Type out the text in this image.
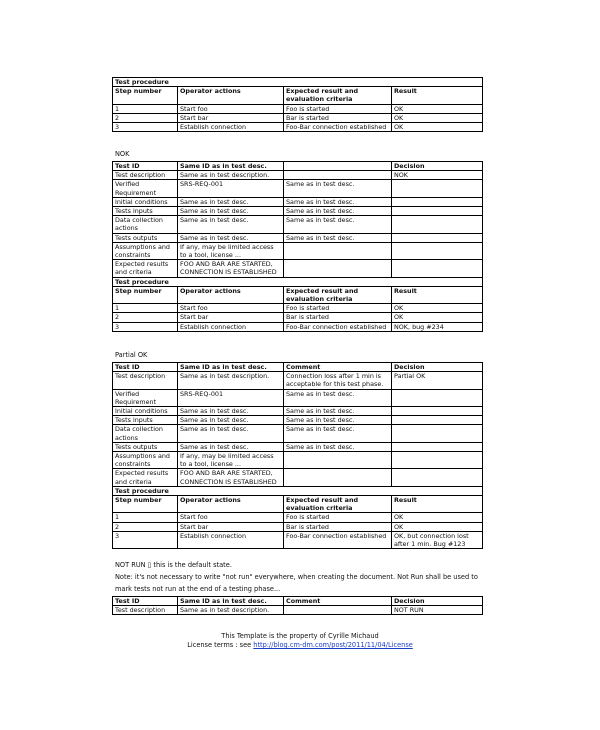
Test procedure			
Step number	Operator actions	Expected result and evaluation criteria	Result
1	Start foo	Foo is started	OK
2	Start bar	Bar is started	OK
3	Establish connection	Foo-Bar connection established	OK
NOK
Test ID	Same ID as in test desc.		Decision
Test description	Same as in test description.		NOK
Verified Requirement	SRS-REQ-001	Same as in test desc.	
Initial conditions	Same as in test desc.	Same as in test desc.	
Tests inputs	Same as in test desc.	Same as in test desc.	
Data collection actions	Same as in test desc.	Same as in test desc.	
Tests outputs	Same as in test desc.	Same as in test desc.	
Assumptions and constraints	If any, may be limited access to a tool, license ...		
Expected results and criteria	FOO AND BAR ARE STARTED, CONNECTION IS ESTABLISHED		
Test procedure			
Step number	Operator actions	Expected result and evaluation criteria	Result
1	Start foo	Foo is started	OK
2	Start bar	Bar is started	OK
3	Establish connection	Foo-Bar connection established	NOK, bug #234
Partial OK
Test ID	Same ID as in test desc.	Comment	Decision
Test description	Same as in test description.	Connection loss after 1 min is acceptable for this test phase.	Partial OK
Verified Requirement	SRS-REQ-001	Same as in test desc.	
Initial conditions	Same as in test desc.	Same as in test desc.	
Tests inputs	Same as in test desc.	Same as in test desc.	
Data collection actions	Same as in test desc.	Same as in test desc.	
Tests outputs	Same as in test desc.	Same as in test desc.	
Assumptions and constraints	If any, may be limited access to a tool, license ...		
Expected results and criteria	FOO AND BAR ARE STARTED, CONNECTION IS ESTABLISHED		
Test procedure			
Step number	Operator actions	Expected result and evaluation criteria	Result
1	Start foo	Foo is started	OK
2	Start bar	Bar is started	OK
3	Establish connection	Foo-Bar connection established	OK, but connection lost after 1 min. Bug #123
NOT RUN ▯ this is the default state.
Note: it's not necessary to write "not run" everywhere, when creating the document. Not Run shall be used to mark tests not run at the end of a testing phase...
Test ID	Same ID as in test desc.	Comment	Decision
Test description	Same as in test description.		NOT RUN
This Template is the property of Cyrille Michaud
License terms : see http://blog.cm-dm.com/post/2011/11/04/License
